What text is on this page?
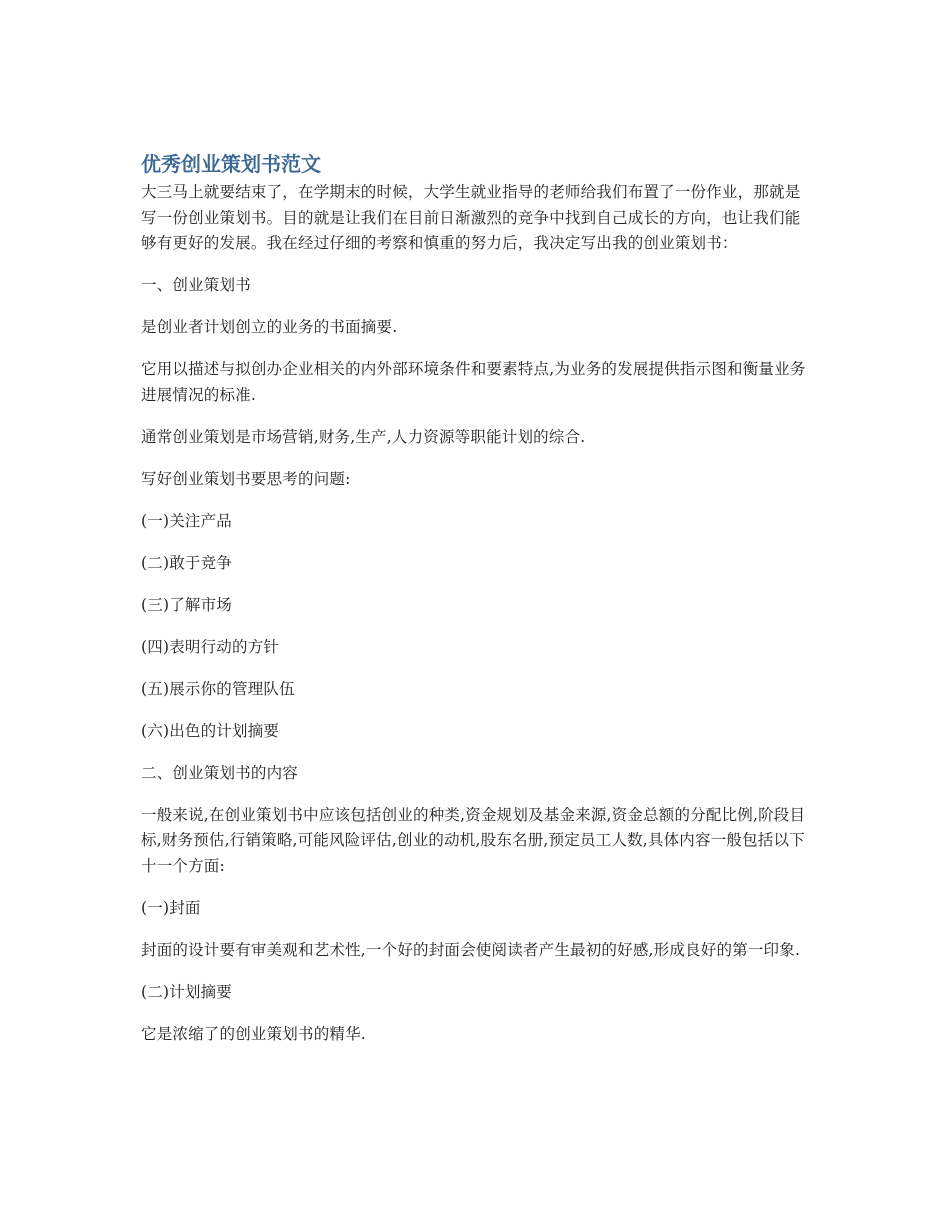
优秀创业策划书范文

大三马上就要结束了，在学期末的时候，大学生就业指导的老师给我们布置了一份作业，那就是写一份创业策划书。目的就是让我们在目前日渐激烈的竞争中找到自己成长的方向，也让我们能够有更好的发展。我在经过仔细的考察和慎重的努力后，我决定写出我的创业策划书：

一、创业策划书

是创业者计划创立的业务的书面摘要.

它用以描述与拟创办企业相关的内外部环境条件和要素特点,为业务的发展提供指示图和衡量业务进展情况的标准.

通常创业策划是市场营销,财务,生产,人力资源等职能计划的综合.

写好创业策划书要思考的问题:

(一)关注产品

(二)敢于竞争

(三)了解市场

(四)表明行动的方针

(五)展示你的管理队伍

(六)出色的计划摘要

二、创业策划书的内容

一般来说,在创业策划书中应该包括创业的种类,资金规划及基金来源,资金总额的分配比例,阶段目标,财务预估,行销策略,可能风险评估,创业的动机,股东名册,预定员工人数,具体内容一般包括以下十一个方面:

(一)封面

封面的设计要有审美观和艺术性,一个好的封面会使阅读者产生最初的好感,形成良好的第一印象.

(二)计划摘要

它是浓缩了的创业策划书的精华.
